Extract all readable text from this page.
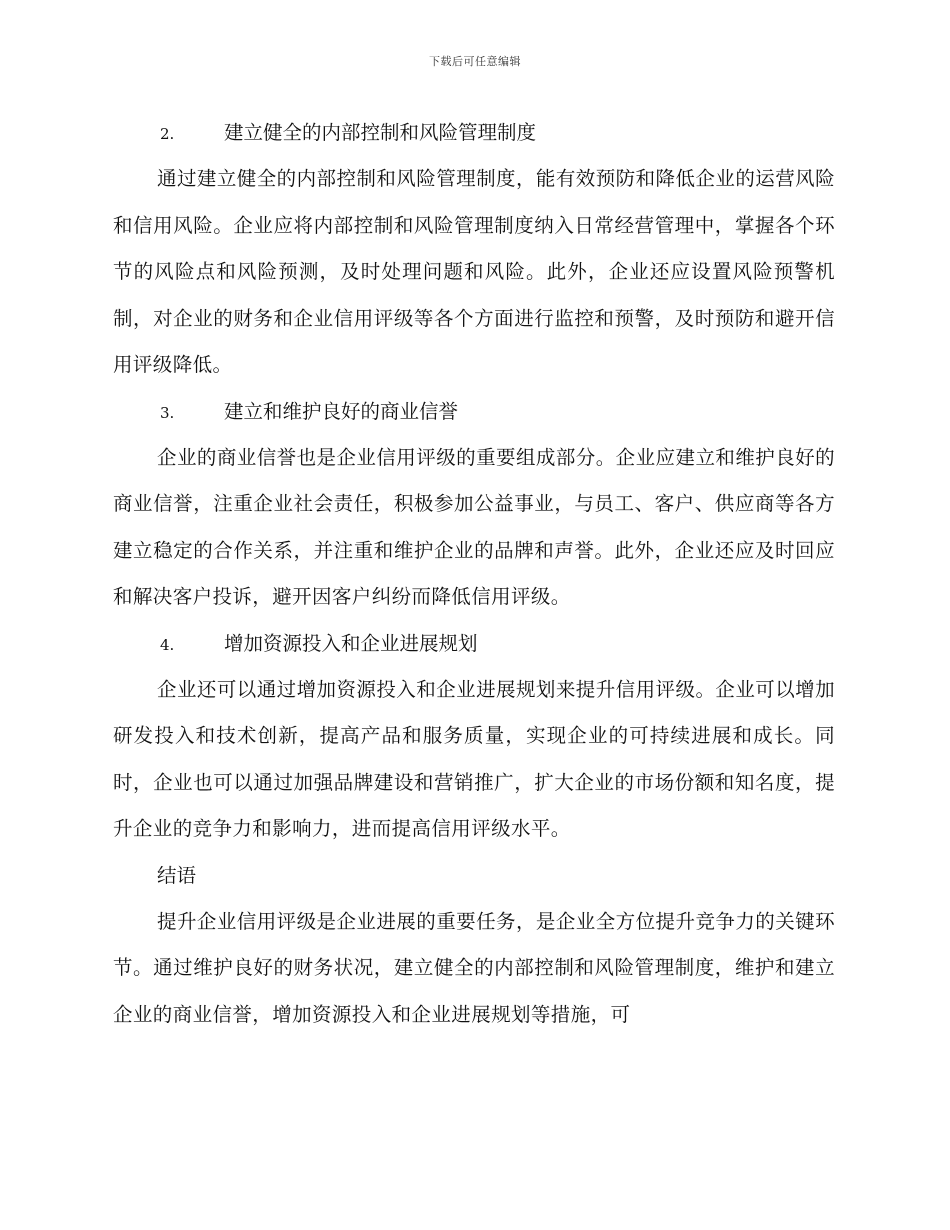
下载后可任意编辑
2.	建立健全的内部控制和风险管理制度

通过建立健全的内部控制和风险管理制度，能有效预防和降低企业的运营风险和信用风险。企业应将内部控制和风险管理制度纳入日常经营管理中，掌握各个环节的风险点和风险预测，及时处理问题和风险。此外，企业还应设置风险预警机制，对企业的财务和企业信用评级等各个方面进行监控和预警，及时预防和避开信用评级降低。

3.	建立和维护良好的商业信誉

企业的商业信誉也是企业信用评级的重要组成部分。企业应建立和维护良好的商业信誉，注重企业社会责任，积极参加公益事业，与员工、客户、供应商等各方建立稳定的合作关系，并注重和维护企业的品牌和声誉。此外，企业还应及时回应和解决客户投诉，避开因客户纠纷而降低信用评级。

4.	增加资源投入和企业进展规划

企业还可以通过增加资源投入和企业进展规划来提升信用评级。企业可以增加研发投入和技术创新，提高产品和服务质量，实现企业的可持续进展和成长。同时，企业也可以通过加强品牌建设和营销推广，扩大企业的市场份额和知名度，提升企业的竞争力和影响力，进而提高信用评级水平。

结语

提升企业信用评级是企业进展的重要任务，是企业全方位提升竞争力的关键环节。通过维护良好的财务状况，建立健全的内部控制和风险管理制度，维护和建立企业的商业信誉，增加资源投入和企业进展规划等措施，可
